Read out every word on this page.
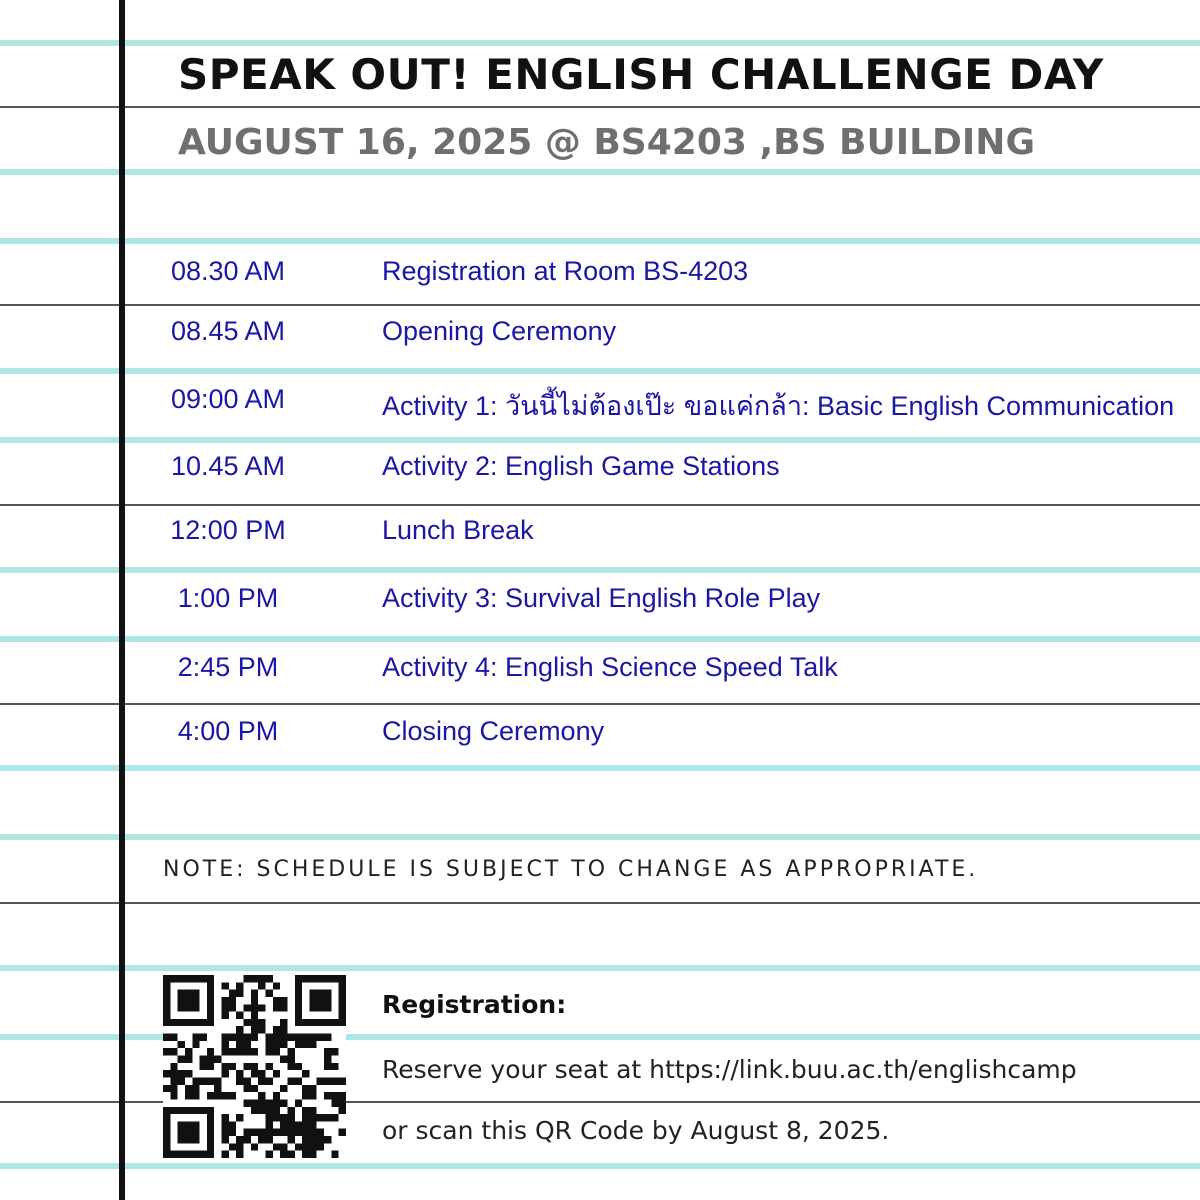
SPEAK OUT! ENGLISH CHALLENGE DAY
AUGUST 16, 2025 @ BS4203 ,BS BUILDING
08.30 AM	Registration at Room BS-4203
08.45 AM	Opening Ceremony
09:00 AM	Activity 1: วันนี้ไม่ต้องเป๊ะ ขอแค่กล้า: Basic English Communication
10.45 AM	Activity 2: English Game Stations
12:00 PM	Lunch Break
1:00 PM	Activity 3: Survival English Role Play
2:45 PM	Activity 4: English Science Speed Talk
4:00 PM	Closing Ceremony
NOTE: SCHEDULE IS SUBJECT TO CHANGE AS APPROPRIATE.
Registration:
Reserve your seat at https://link.buu.ac.th/englishcamp
or scan this QR Code by August 8, 2025.
